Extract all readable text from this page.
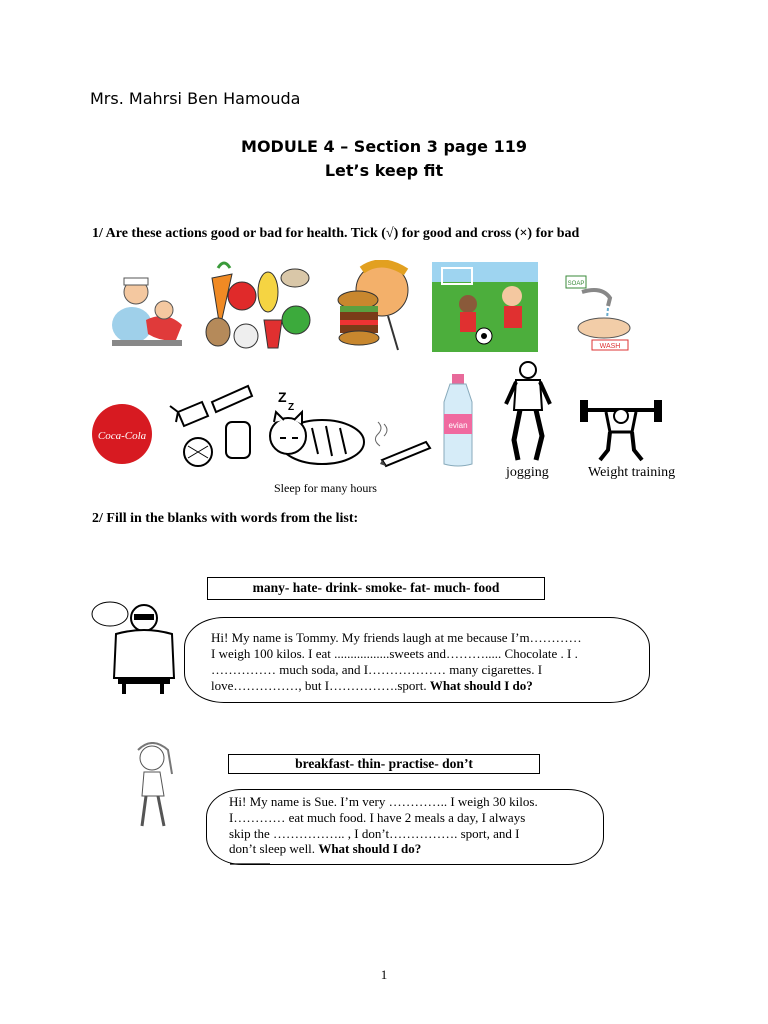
Mrs. Mahrsi Ben Hamouda
MODULE 4 – Section 3 page 119
Let’s keep fit
1/ Are these actions good or bad for health. Tick (√) for good and cross (×) for bad
SOAP
WASH
Coca-Cola
Z
Z
evian
Sleep for many hours
jogging	Weight training
2/ Fill in the blanks with words from the list:
many- hate- drink- smoke- fat- much- food
Hi! My name is Tommy. My friends laugh at me because I’m…………
I weigh 100 kilos. I eat .................sweets and………..... Chocolate . I .
…………… much soda, and I……………… many cigarettes. I
love……………, but I…………….sport. What should I do?
breakfast- thin- practise- don’t
Hi! My name is Sue. I’m very ………….. I weigh 30 kilos.
I………… eat much food. I have 2 meals a day, I always
skip the …………….. , I don’t……………. sport, and I
don’t sleep well. What should I do?
1
